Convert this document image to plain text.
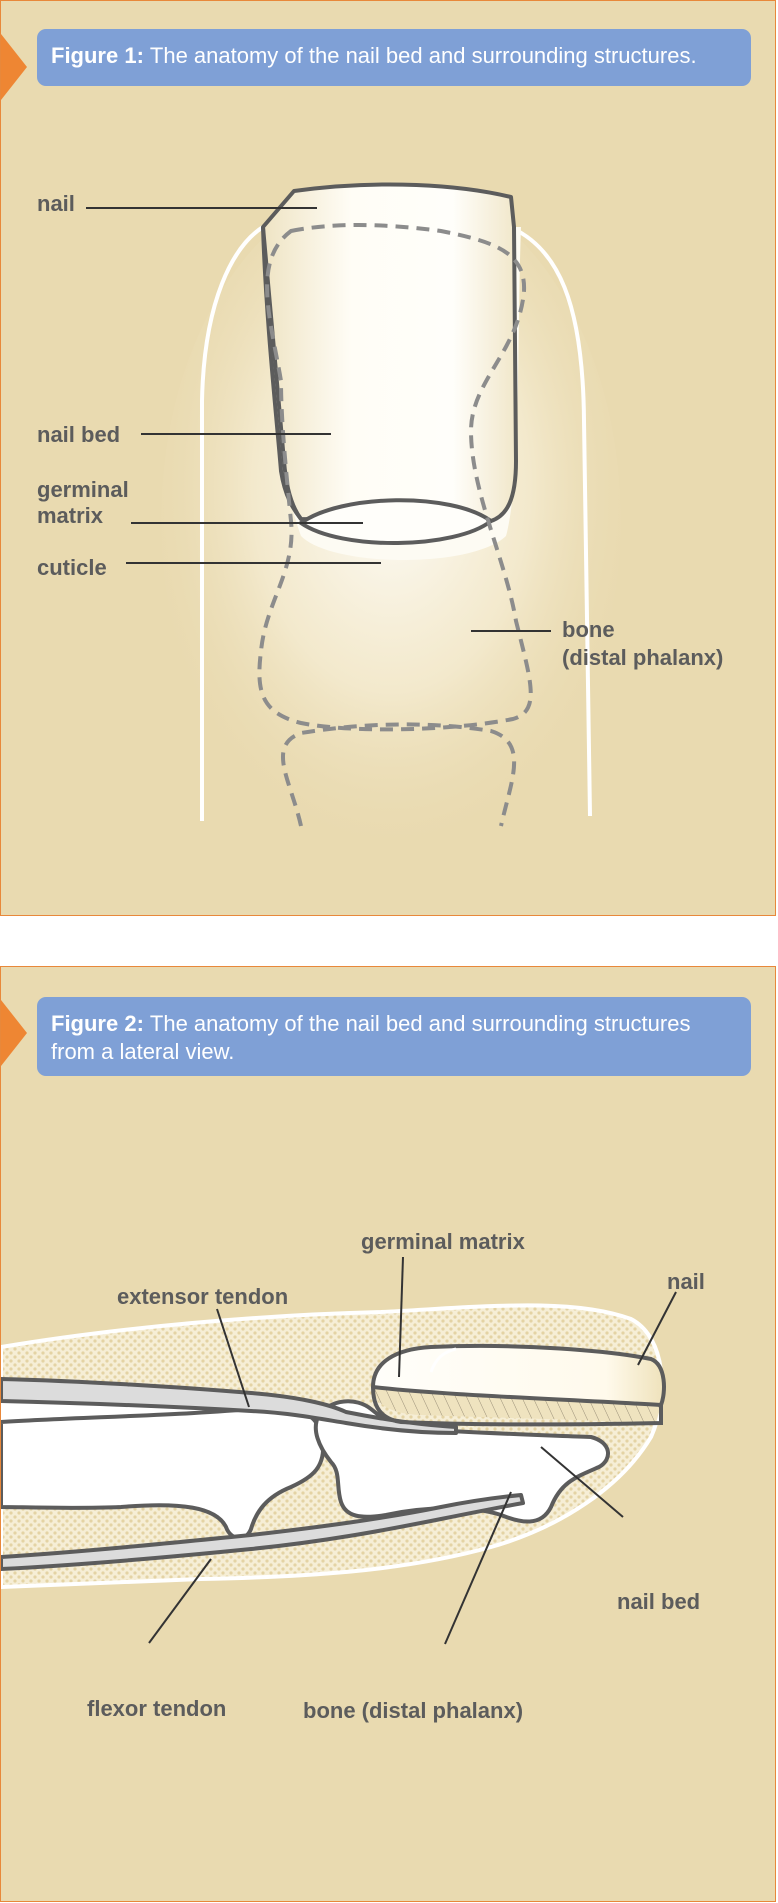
Figure 1: The anatomy of the nail bed and surrounding structures.
nail
nail bed
germinal
matrix
cuticle
bone
(distal phalanx)
Figure 2: The anatomy of the nail bed and surrounding structures from a lateral view.
germinal matrix
nail
extensor tendon
nail bed
flexor tendon	bone (distal phalanx)
